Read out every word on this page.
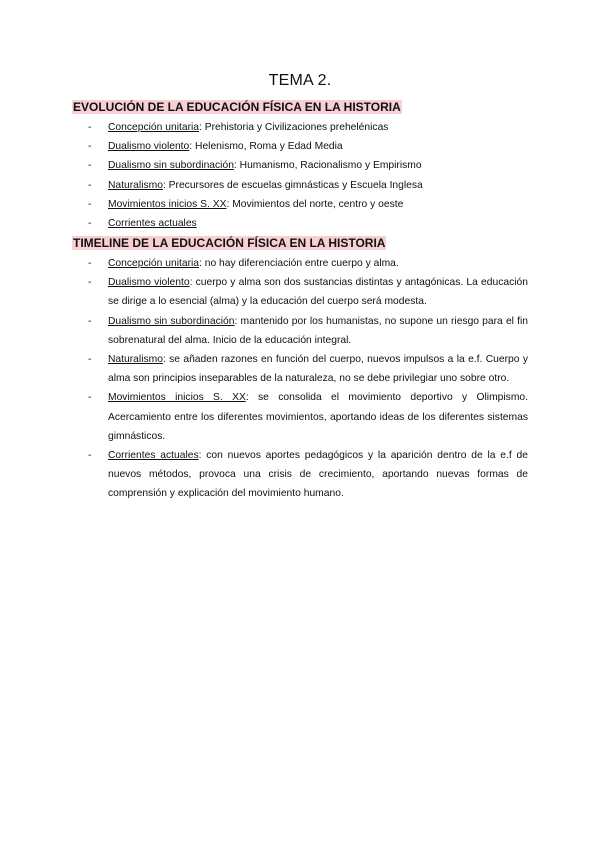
TEMA 2.
EVOLUCIÓN DE LA EDUCACIÓN FÍSICA EN LA HISTORIA
- Concepción unitaria: Prehistoria y Civilizaciones prehelénicas
- Dualismo violento: Helenismo, Roma y Edad Media
- Dualismo sin subordinación: Humanismo, Racionalismo y Empirismo
- Naturalismo: Precursores de escuelas gimnásticas y Escuela Inglesa
- Movimientos inicios S. XX: Movimientos del norte, centro y oeste
- Corrientes actuales
TIMELINE DE LA EDUCACIÓN FÍSICA EN LA HISTORIA
- Concepción unitaria: no hay diferenciación entre cuerpo y alma.
- Dualismo violento: cuerpo y alma son dos sustancias distintas y antagónicas. La educación se dirige a lo esencial (alma) y la educación del cuerpo será modesta.
- Dualismo sin subordinación: mantenido por los humanistas, no supone un riesgo para el fin sobrenatural del alma. Inicio de la educación integral.
- Naturalismo: se añaden razones en función del cuerpo, nuevos impulsos a la e.f. Cuerpo y alma son principios inseparables de la naturaleza, no se debe privilegiar uno sobre otro.
- Movimientos inicios S. XX: se consolida el movimiento deportivo y Olimpismo. Acercamiento entre los diferentes movimientos, aportando ideas de los diferentes sistemas gimnásticos.
- Corrientes actuales: con nuevos aportes pedagógicos y la aparición dentro de la e.f de nuevos métodos, provoca una crisis de crecimiento, aportando nuevas formas de comprensión y explicación del movimiento humano.
